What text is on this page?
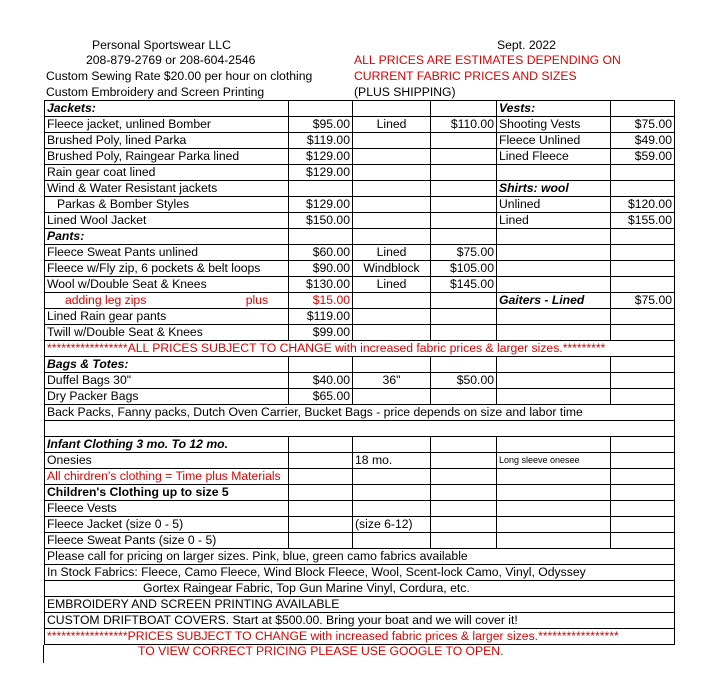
Personal Sportswear LLC
208-879-2769 or 208-604-2546
Custom Sewing Rate $20.00 per hour on clothing
Custom Embroidery and Screen Printing
Sept. 2022
ALL PRICES ARE ESTIMATES DEPENDING ON
CURRENT FABRIC PRICES AND SIZES
(PLUS SHIPPING)
Jackets:				Vests:	
Fleece jacket, unlined Bomber	$95.00	Lined	$110.00	Shooting Vests	$75.00
Brushed Poly, lined Parka	$119.00			Fleece Unlined	$49.00
Brushed Poly, Raingear Parka lined	$129.00			Lined Fleece	$59.00
Rain gear coat lined	$129.00				
Wind & Water Resistant jackets				Shirts: wool	
Parkas & Bomber Styles	$129.00			Unlined	$120.00
Lined Wool Jacket	$150.00			Lined	$155.00
Pants:					
Fleece Sweat Pants unlined	$60.00	Lined	$75.00		
Fleece w/Fly zip, 6 pockets & belt loops	$90.00	Windblock	$105.00		
Wool w/Double Seat & Knees	$130.00	Lined	$145.00		
adding leg zips plus	$15.00			Gaiters - Lined	$75.00
Lined Rain gear pants	$119.00				
Twill w/Double Seat & Knees	$99.00				
*****************ALL PRICES SUBJECT TO CHANGE with increased fabric prices & larger sizes.*********					
Bags & Totes:					
Duffel Bags 30"	$40.00	36"	$50.00		
Dry Packer Bags	$65.00				
Back Packs, Fanny packs, Dutch Oven Carrier, Bucket Bags - price depends on size and labor time					

Infant Clothing 3 mo. To 12 mo.					
Onesies		18 mo.		Long sleeve onesee	
All chirdren's clothing = Time plus Materials					
Children's Clothing up to size 5					
Fleece Vests					
Fleece Jacket (size 0 - 5)		(size 6-12)			
Fleece Sweat Pants (size 0 - 5)					
Please call for pricing on larger sizes. Pink, blue, green camo fabrics available					
In Stock Fabrics: Fleece, Camo Fleece, Wind Block Fleece, Wool, Scent-lock Camo, Vinyl, Odyssey					
Gortex Raingear Fabric, Top Gun Marine Vinyl, Cordura, etc.					
EMBROIDERY AND SCREEN PRINTING AVAILABLE					
CUSTOM DRIFTBOAT COVERS. Start at $500.00. Bring your boat and we will cover it!					
*****************PRICES SUBJECT TO CHANGE with increased fabric prices & larger sizes.*****************					
TO VIEW CORRECT PRICING PLEASE USE GOOGLE TO OPEN.
